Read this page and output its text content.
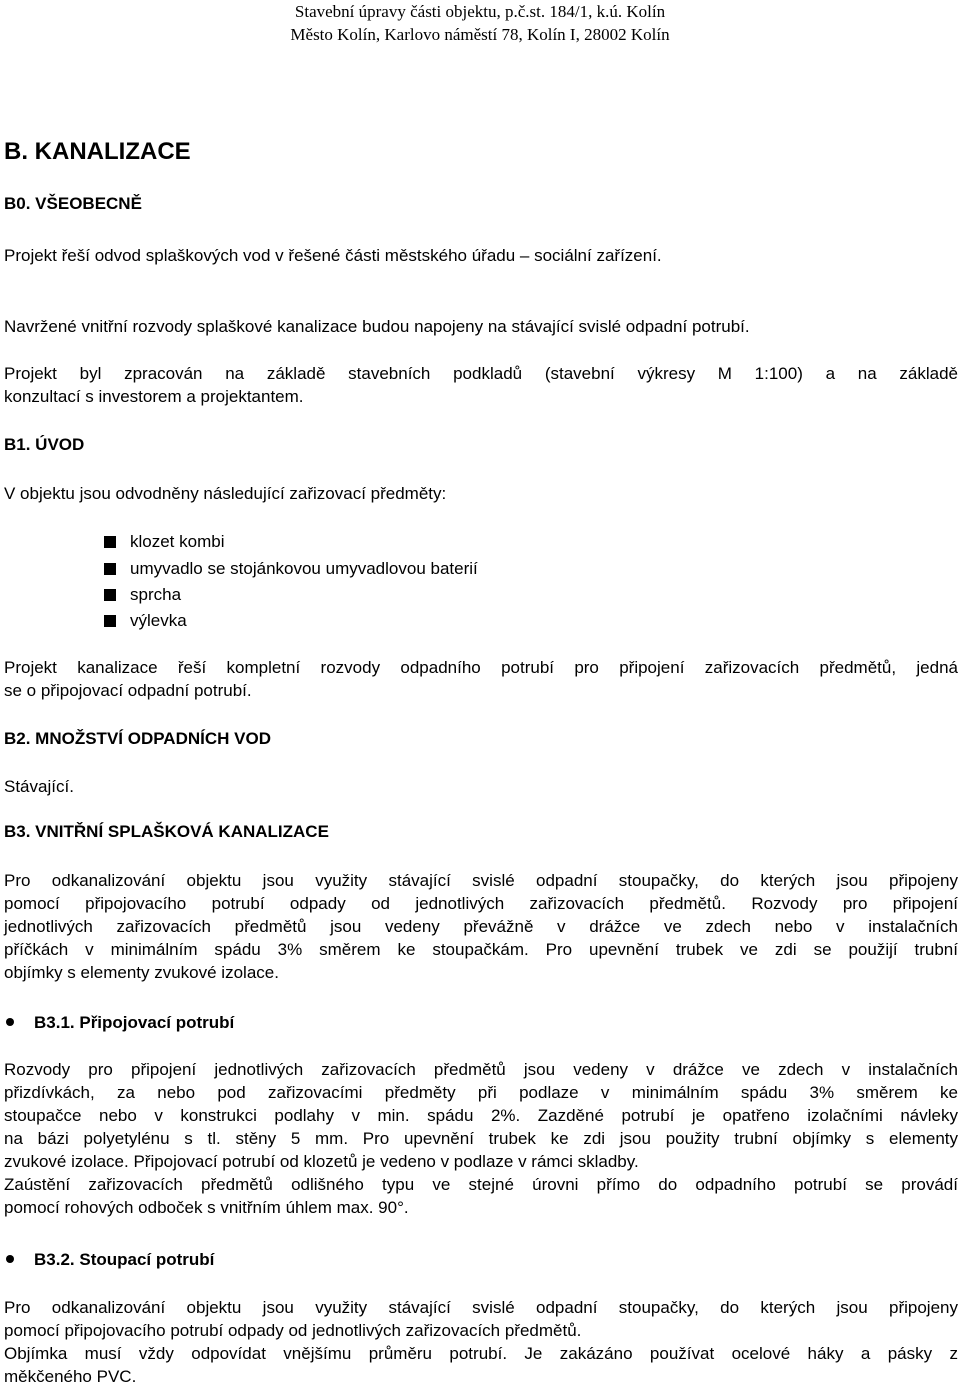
Stavební úpravy části objektu, p.č.st. 184/1, k.ú. Kolín
Město Kolín, Karlovo náměstí 78, Kolín I, 28002 Kolín
B. KANALIZACE
B0. VŠEOBECNĚ
Projekt řeší odvod splaškových vod v řešené části městského úřadu – sociální zařízení.
Navržené vnitřní rozvody splaškové kanalizace budou napojeny na stávající svislé odpadní potrubí.
Projekt byl zpracován na základě stavebních podkladů (stavební výkresy M 1:100) a na základě
konzultací s investorem a projektantem.
B1. ÚVOD
V objektu jsou odvodněny následující zařizovací předměty:
klozet kombi
umyvadlo se stojánkovou umyvadlovou baterií
sprcha
výlevka
Projekt kanalizace řeší kompletní rozvody odpadního potrubí pro připojení zařizovacích předmětů, jedná
se o připojovací odpadní potrubí.
B2. MNOŽSTVÍ ODPADNÍCH VOD
Stávající.
B3. VNITŘNÍ SPLAŠKOVÁ KANALIZACE
Pro odkanalizování objektu jsou využity stávající svislé odpadní stoupačky, do kterých jsou připojeny
pomocí připojovacího potrubí odpady od jednotlivých zařizovacích předmětů. Rozvody pro připojení
jednotlivých zařizovacích předmětů jsou vedeny převážně v drážce ve zdech nebo v instalačních
příčkách v minimálním spádu 3% směrem ke stoupačkám. Pro upevnění trubek ve zdi se použijí trubní
objímky s elementy zvukové izolace.
B3.1. Připojovací potrubí
Rozvody pro připojení jednotlivých zařizovacích předmětů jsou vedeny v drážce ve zdech v instalačních
přizdívkách, za nebo pod zařizovacími předměty při podlaze v minimálním spádu 3% směrem ke
stoupačce nebo v konstrukci podlahy v min. spádu 2%. Zazděné potrubí je opatřeno izolačními návleky
na bázi polyetylénu s tl. stěny 5 mm. Pro upevnění trubek ke zdi jsou použity trubní objímky s elementy
zvukové izolace. Připojovací potrubí od klozetů je vedeno v podlaze v rámci skladby.
Zaústění zařizovacích předmětů odlišného typu ve stejné úrovni přímo do odpadního potrubí se provádí
pomocí rohových odboček s vnitřním úhlem max. 90°.
B3.2. Stoupací potrubí
Pro odkanalizování objektu jsou využity stávající svislé odpadní stoupačky, do kterých jsou připojeny
pomocí připojovacího potrubí odpady od jednotlivých zařizovacích předmětů.
Objímka musí vždy odpovídat vnějšímu průměru potrubí. Je zakázáno používat ocelové háky a pásky z
měkčeného PVC.
